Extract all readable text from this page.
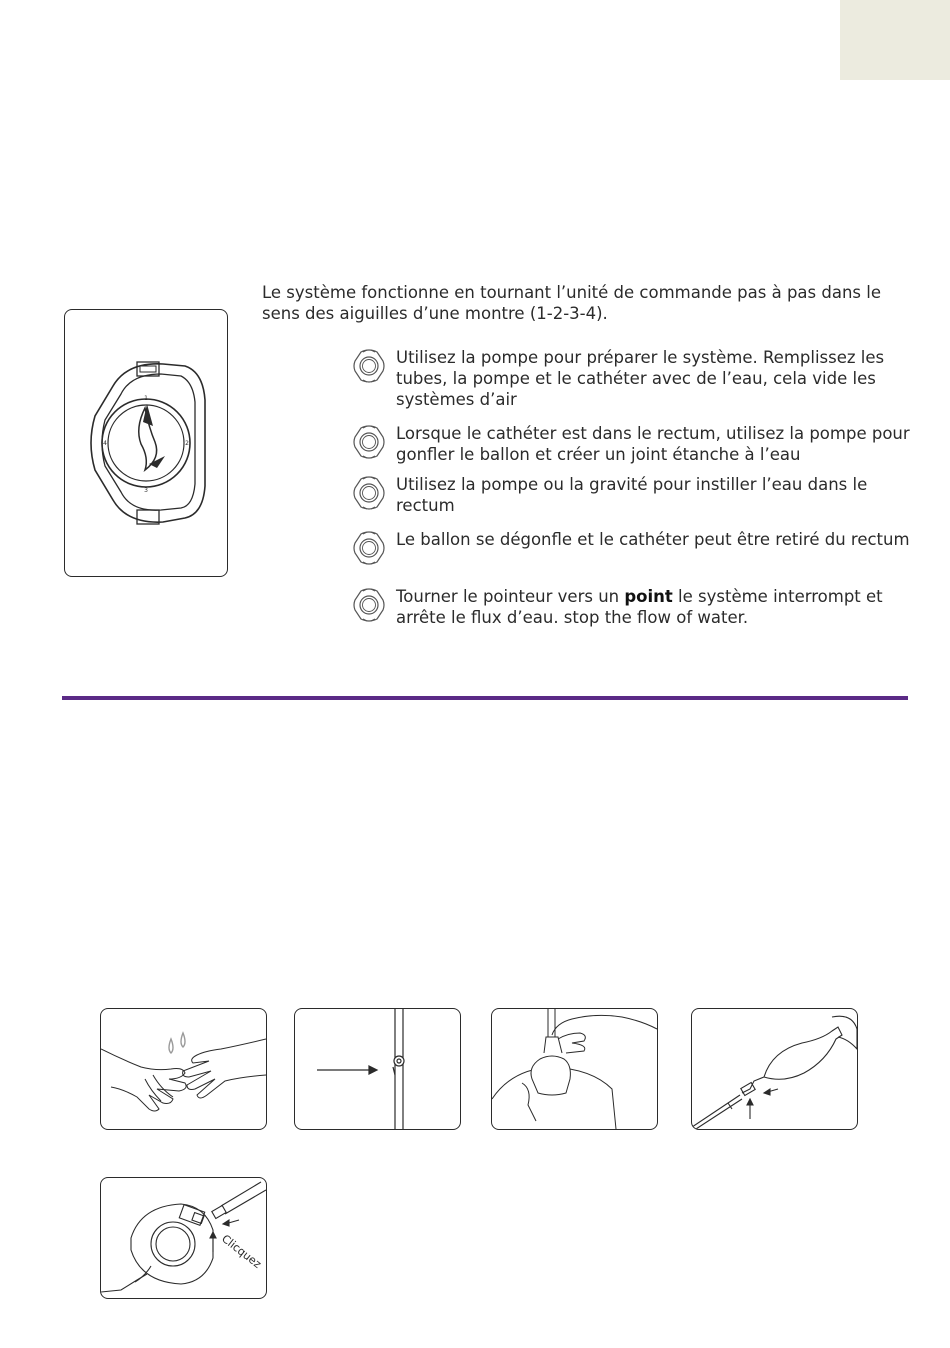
1
2
3
4

Le système fonctionne en tournant l’unité de commande pas à pas dans le sens des aiguilles d’une montre (1-2-3-4).

Utilisez la pompe pour préparer le système. Remplissez les tubes, la pompe et le cathéter avec de l’eau, cela vide les systèmes d’air
Lorsque le cathéter est dans le rectum, utilisez la pompe pour gonfler le ballon et créer un joint étanche à l’eau
Utilisez la pompe ou la gravité pour instiller l’eau dans le rectum
Le ballon se dégonfle et le cathéter peut être retiré du rectum
Tourner le pointeur vers un point le système interrompt et arrête le flux d’eau. stop the flow of water.
Clicquez
